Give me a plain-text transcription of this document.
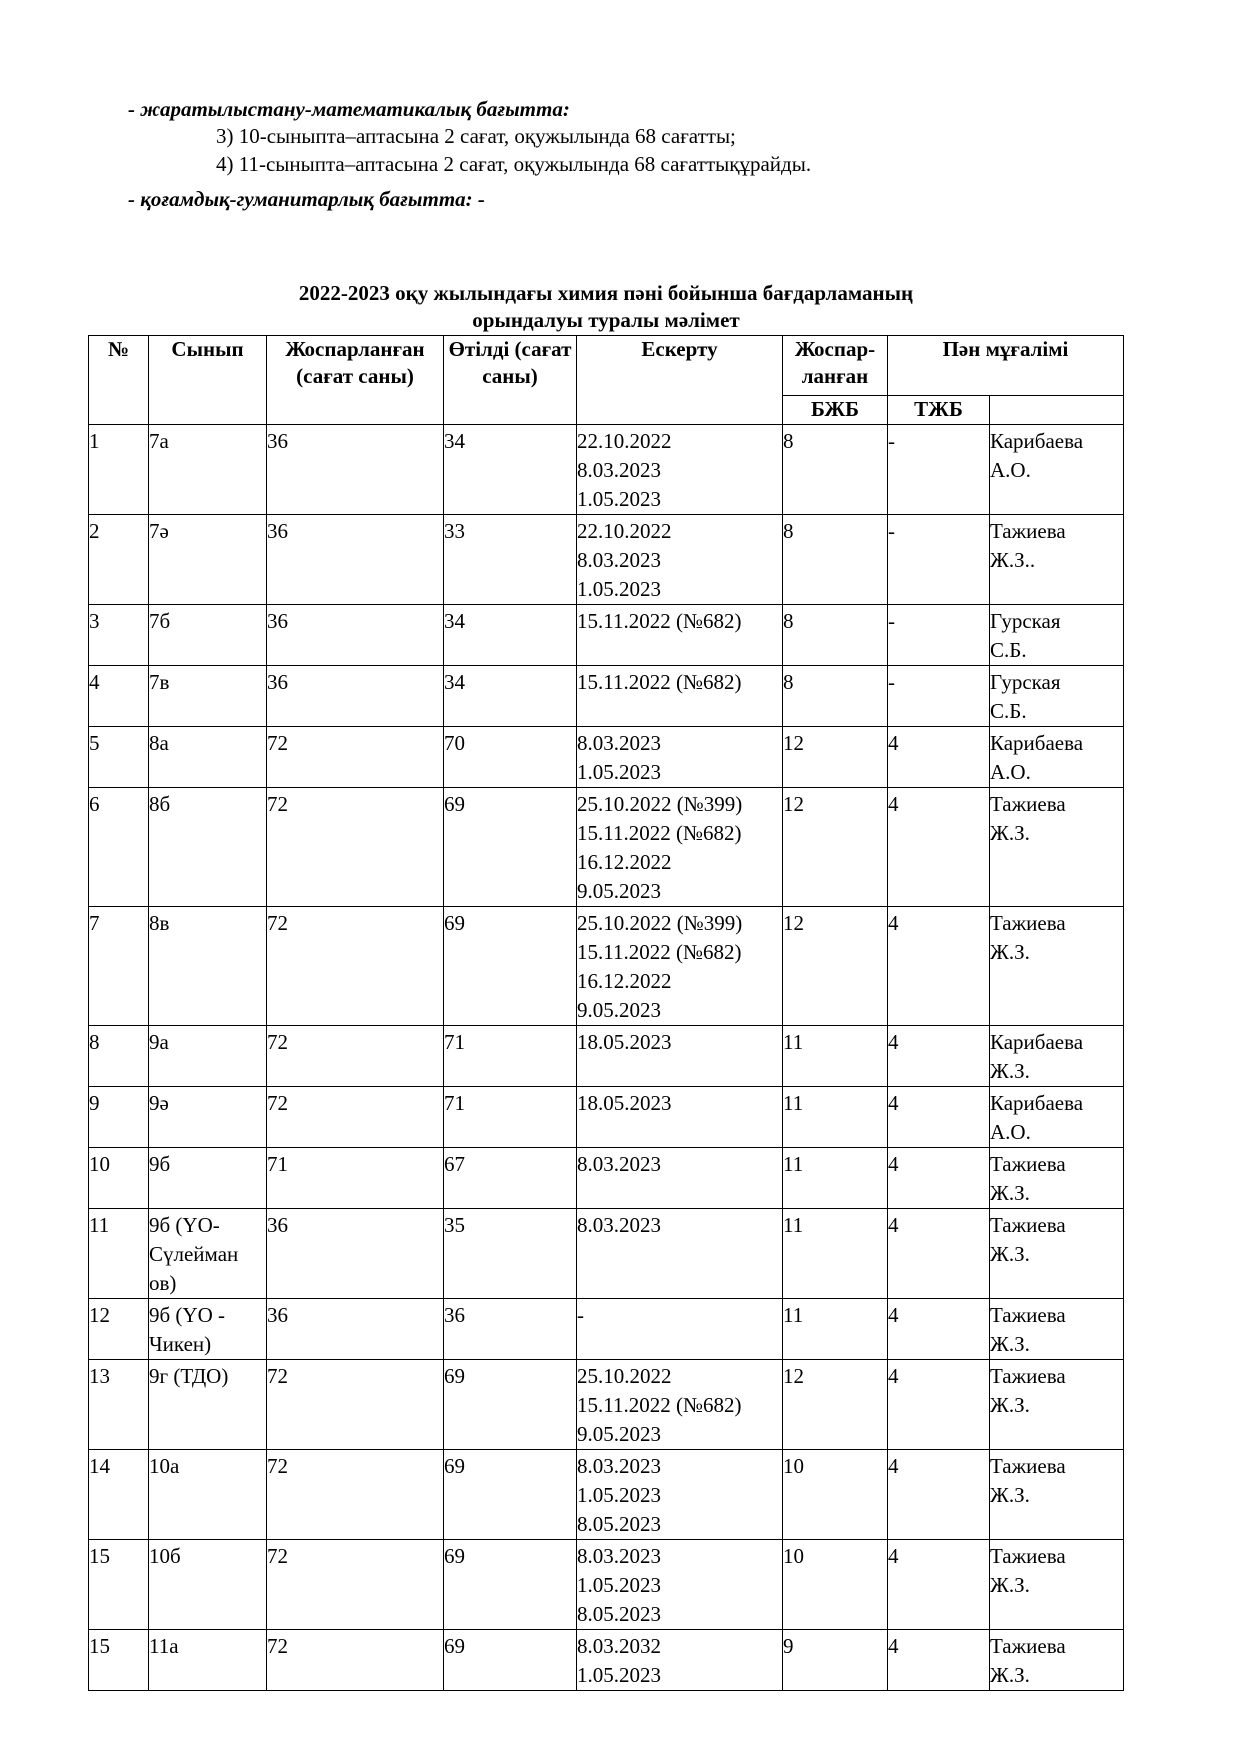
- жаратылыстану-математикалық бағытта:
3) 10-сыныпта–аптасына 2 сағат, оқужылында 68 сағатты;
4) 11-сыныпта–аптасына 2 сағат, оқужылында 68 сағаттықұрайды.
- қоғамдық-гуманитарлық бағытта: -
2022-2023 оқу жылындағы химия пәні бойынша бағдарламаның
орындалуы туралы мәлімет
№	Сынып	Жоспарланған (сағат саны)	Өтілді (сағат саны)	Ескерту	Жоспар-ланған	Пән мұғалімі	
					БЖБ	ТЖБ	
1	7а	36	34	22.10.2022
8.03.2023
1.05.2023	8	-	Карибаева
А.О.
2	7ә	36	33	22.10.2022
8.03.2023
1.05.2023	8	-	Тажиева
Ж.З..
3	7б	36	34	15.11.2022 (№682)	8	-	Гурская
С.Б.
4	7в	36	34	15.11.2022 (№682)	8	-	Гурская
С.Б.
5	8а	72	70	8.03.2023
1.05.2023	12	4	Карибаева
А.О.
6	8б	72	69	25.10.2022 (№399)
15.11.2022 (№682)
16.12.2022
9.05.2023	12	4	Тажиева
Ж.З.
7	8в	72	69	25.10.2022 (№399)
15.11.2022 (№682)
16.12.2022
9.05.2023	12	4	Тажиева
Ж.З.
8	9а	72	71	18.05.2023	11	4	Карибаева
Ж.З.
9	9ә	72	71	18.05.2023	11	4	Карибаева
А.О.
10	9б	71	67	8.03.2023	11	4	Тажиева
Ж.З.
11	9б (ҮО-
Сүлейман
ов)	36	35	8.03.2023	11	4	Тажиева
Ж.З.
12	9б (ҮО -
Чикен)	36	36	-	11	4	Тажиева
Ж.З.
13	9г (ТДО)	72	69	25.10.2022
15.11.2022 (№682)
9.05.2023	12	4	Тажиева
Ж.З.
14	10а	72	69	8.03.2023
1.05.2023
8.05.2023	10	4	Тажиева
Ж.З.
15	10б	72	69	8.03.2023
1.05.2023
8.05.2023	10	4	Тажиева
Ж.З.
15	11а	72	69	8.03.2032
1.05.2023	9	4	Тажиева
Ж.З.
